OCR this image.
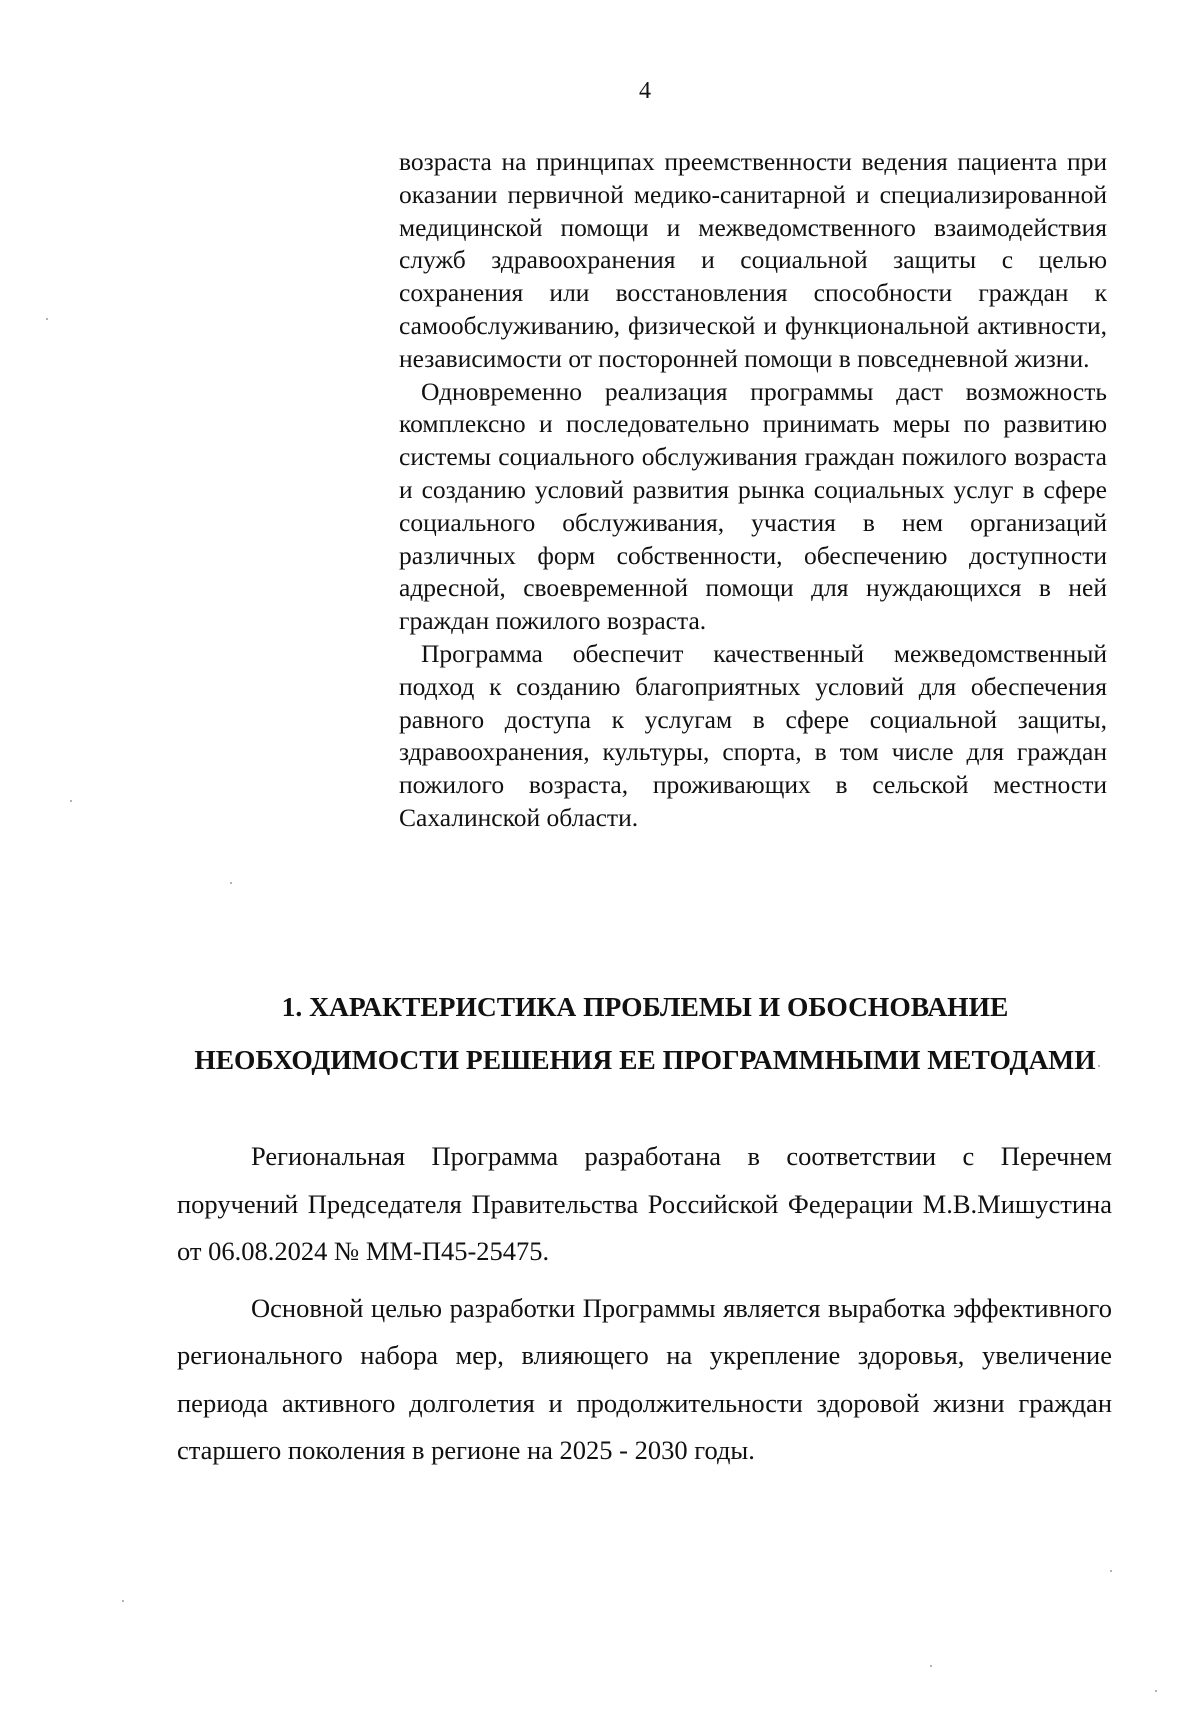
4

возраста на принципах преемственности ведения пациента при оказании первичной медико-санитарной и специализированной медицинской помощи и межведомственного взаимодействия служб здравоохранения и социальной защиты с целью сохранения или восстановления способности граждан к самообслуживанию, физической и функциональной активности, независимости от посторонней помощи в повседневной жизни.

Одновременно реализация программы даст возможность комплексно и последовательно принимать меры по развитию системы социального обслуживания граждан пожилого возраста и созданию условий развития рынка социальных услуг в сфере социального обслуживания, участия в нем организаций различных форм собственности, обеспечению доступности адресной, своевременной помощи для нуждающихся в ней граждан пожилого возраста.

Программа обеспечит качественный межведомственный подход к созданию благоприятных условий для обеспечения равного доступа к услугам в сфере социальной защиты, здравоохранения, культуры, спорта, в том числе для граждан пожилого возраста, проживающих в сельской местности Сахалинской области.

1. ХАРАКТЕРИСТИКА ПРОБЛЕМЫ И ОБОСНОВАНИЕ
НЕОБХОДИМОСТИ РЕШЕНИЯ ЕЕ ПРОГРАММНЫМИ МЕТОДАМИ

Региональная Программа разработана в соответствии с Перечнем поручений Председателя Правительства Российской Федерации М.В.Мишустина от 06.08.2024 № ММ-П45-25475.

Основной целью разработки Программы является выработка эффективного регионального набора мер, влияющего на укрепление здоровья, увеличение периода активного долголетия и продолжительности здоровой жизни граждан старшего поколения в регионе на 2025 - 2030 годы.
